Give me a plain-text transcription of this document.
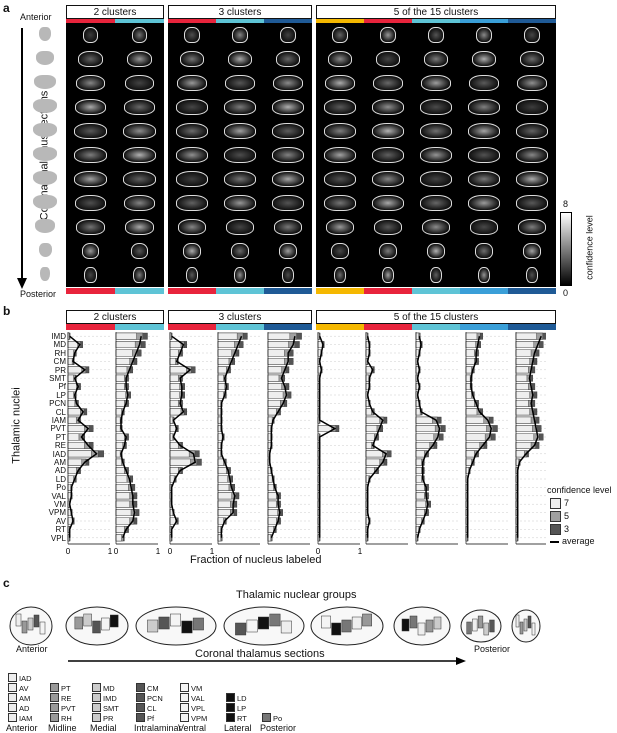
a
Anterior
Posterior
2 clusters	3 clusters	5 of the 15 clusters
8
0
confidence level
b	2 clusters	3 clusters	5 of the 15 clusters
Thalamic nuclei
IMD
MD
RH
CM
PR
SMT
Pf
LP
PCN
CL
IAM
PVT
PT
RE
IAD
AM
AD
LD
Po
VAL
VM
VPM
AV
RT
VPL
0	1 0	1 0	1	0	1
Fraction of nucleus labeled
confidence level
7
5
3
average
c
Thalamic nuclear groups
Anterior	Posterior
Coronal thalamus sections
IAD
AV
AM
AD
IAM
Anterior
PT
RE
PVT
RH
Midline
MD
IMD
SMT
PR
Medial
CM
PCN
CL
Pf
Intralaminar
VM
VAL
VPL
VPM
Ventral
LD
LP
RT
Lateral
Po
Posterior
